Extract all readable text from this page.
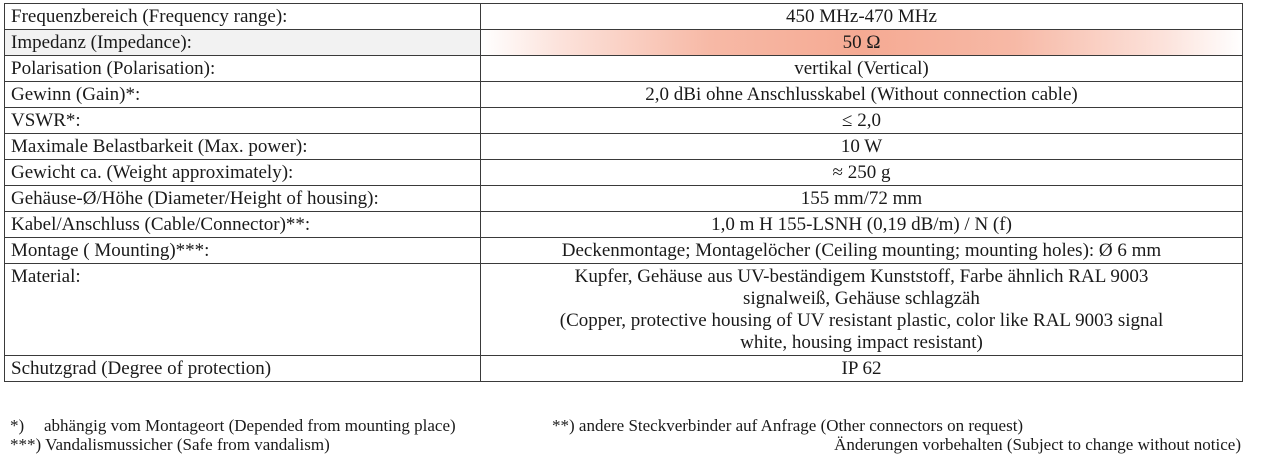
Frequenzbereich (Frequency range):	450 MHz-470 MHz
Impedanz (Impedance):	50 Ω
Polarisation (Polarisation):	vertikal (Vertical)
Gewinn (Gain)*:	2,0 dBi ohne Anschlusskabel (Without connection cable)
VSWR*:	≤ 2,0
Maximale Belastbarkeit (Max. power):	10 W
Gewicht ca. (Weight approximately):	≈ 250 g
Gehäuse-Ø/Höhe (Diameter/Height of housing):	155 mm/72 mm
Kabel/Anschluss (Cable/Connector)**:	1,0 m H 155-LSNH (0,19 dB/m) / N (f)
Montage ( Mounting)***:	Deckenmontage; Montagelöcher (Ceiling mounting; mounting holes): Ø 6 mm
Material:	Kupfer, Gehäuse aus UV-beständigem Kunststoff, Farbe ähnlich RAL 9003
signalweiß, Gehäuse schlagzäh
(Copper, protective housing of UV resistant plastic, color like RAL 9003 signal
white, housing impact resistant)

Schutzgrad (Degree of protection)	IP 62
*) abhängig vom Montageort (Depended from mounting place)	**) andere Steckverbinder auf Anfrage (Other connectors on request)
***) Vandalismussicher (Safe from vandalism)	Änderungen vorbehalten (Subject to change without notice)
